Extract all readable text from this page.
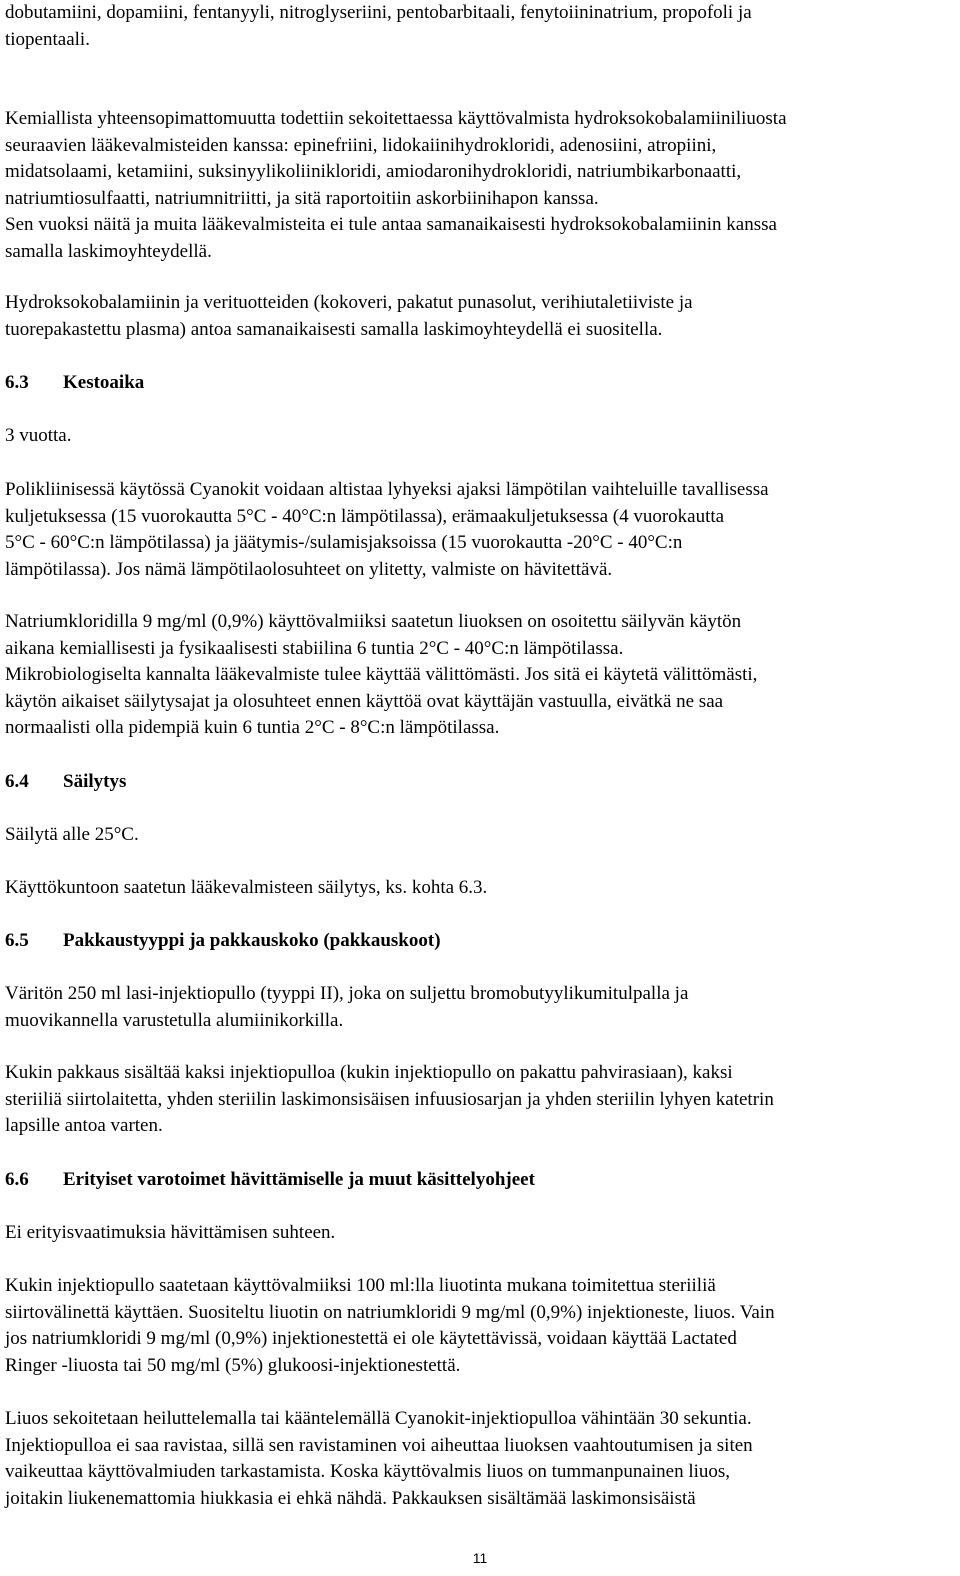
dobutamiini, dopamiini, fentanyyli, nitroglyseriini, pentobarbitaali, fenytoiininatrium, propofoli ja
tiopentaali.

Kemiallista yhteensopimattomuutta todettiin sekoitettaessa käyttövalmista hydroksokobalamiiniliuosta
seuraavien lääkevalmisteiden kanssa: epinefriini, lidokaiinihydrokloridi, adenosiini, atropiini,
midatsolaami, ketamiini, suksinyylikoliinikloridi, amiodaronihydrokloridi, natriumbikarbonaatti,
natriumtiosulfaatti, natriumnitriitti, ja sitä raportoitiin askorbiinihapon kanssa.
Sen vuoksi näitä ja muita lääkevalmisteita ei tule antaa samanaikaisesti hydroksokobalamiinin kanssa
samalla laskimoyhteydellä.

Hydroksokobalamiinin ja verituotteiden (kokoveri, pakatut punasolut, verihiutaletiiviste ja
tuorepakastettu plasma) antoa samanaikaisesti samalla laskimoyhteydellä ei suositella.

6.3 Kestoaika

3 vuotta.

Polikliinisessä käytössä Cyanokit voidaan altistaa lyhyeksi ajaksi lämpötilan vaihteluille tavallisessa
kuljetuksessa (15 vuorokautta 5°C - 40°C:n lämpötilassa), erämaakuljetuksessa (4 vuorokautta
5°C - 60°C:n lämpötilassa) ja jäätymis-/sulamisjaksoissa (15 vuorokautta -20°C - 40°C:n
lämpötilassa). Jos nämä lämpötilaolosuhteet on ylitetty, valmiste on hävitettävä.

Natriumkloridilla 9 mg/ml (0,9%) käyttövalmiiksi saatetun liuoksen on osoitettu säilyvän käytön
aikana kemiallisesti ja fysikaalisesti stabiilina 6 tuntia 2°C - 40°C:n lämpötilassa.
Mikrobiologiselta kannalta lääkevalmiste tulee käyttää välittömästi. Jos sitä ei käytetä välittömästi,
käytön aikaiset säilytysajat ja olosuhteet ennen käyttöä ovat käyttäjän vastuulla, eivätkä ne saa
normaalisti olla pidempiä kuin 6 tuntia 2°C - 8°C:n lämpötilassa.

6.4 Säilytys

Säilytä alle 25°C.

Käyttökuntoon saatetun lääkevalmisteen säilytys, ks. kohta 6.3.

6.5 Pakkaustyyppi ja pakkauskoko (pakkauskoot)

Väritön 250 ml lasi-injektiopullo (tyyppi II), joka on suljettu bromobutyylikumitulpalla ja
muovikannella varustetulla alumiinikorkilla.

Kukin pakkaus sisältää kaksi injektiopulloa (kukin injektiopullo on pakattu pahvirasiaan), kaksi
steriiliä siirtolaitetta, yhden steriilin laskimonsisäisen infuusiosarjan ja yhden steriilin lyhyen katetrin
lapsille antoa varten.

6.6 Erityiset varotoimet hävittämiselle ja muut käsittelyohjeet

Ei erityisvaatimuksia hävittämisen suhteen.

Kukin injektiopullo saatetaan käyttövalmiiksi 100 ml:lla liuotinta mukana toimitettua steriiliä
siirtovälinettä käyttäen. Suositeltu liuotin on natriumkloridi 9 mg/ml (0,9%) injektioneste, liuos. Vain
jos natriumkloridi 9 mg/ml (0,9%) injektionestettä ei ole käytettävissä, voidaan käyttää Lactated
Ringer -liuosta tai 50 mg/ml (5%) glukoosi-injektionestettä.

Liuos sekoitetaan heiluttelemalla tai kääntelemällä Cyanokit-injektiopulloa vähintään 30 sekuntia.
Injektiopulloa ei saa ravistaa, sillä sen ravistaminen voi aiheuttaa liuoksen vaahtoutumisen ja siten
vaikeuttaa käyttövalmiuden tarkastamista. Koska käyttövalmis liuos on tummanpunainen liuos,
joitakin liukenemattomia hiukkasia ei ehkä nähdä. Pakkauksen sisältämää laskimonsisäistä

11
